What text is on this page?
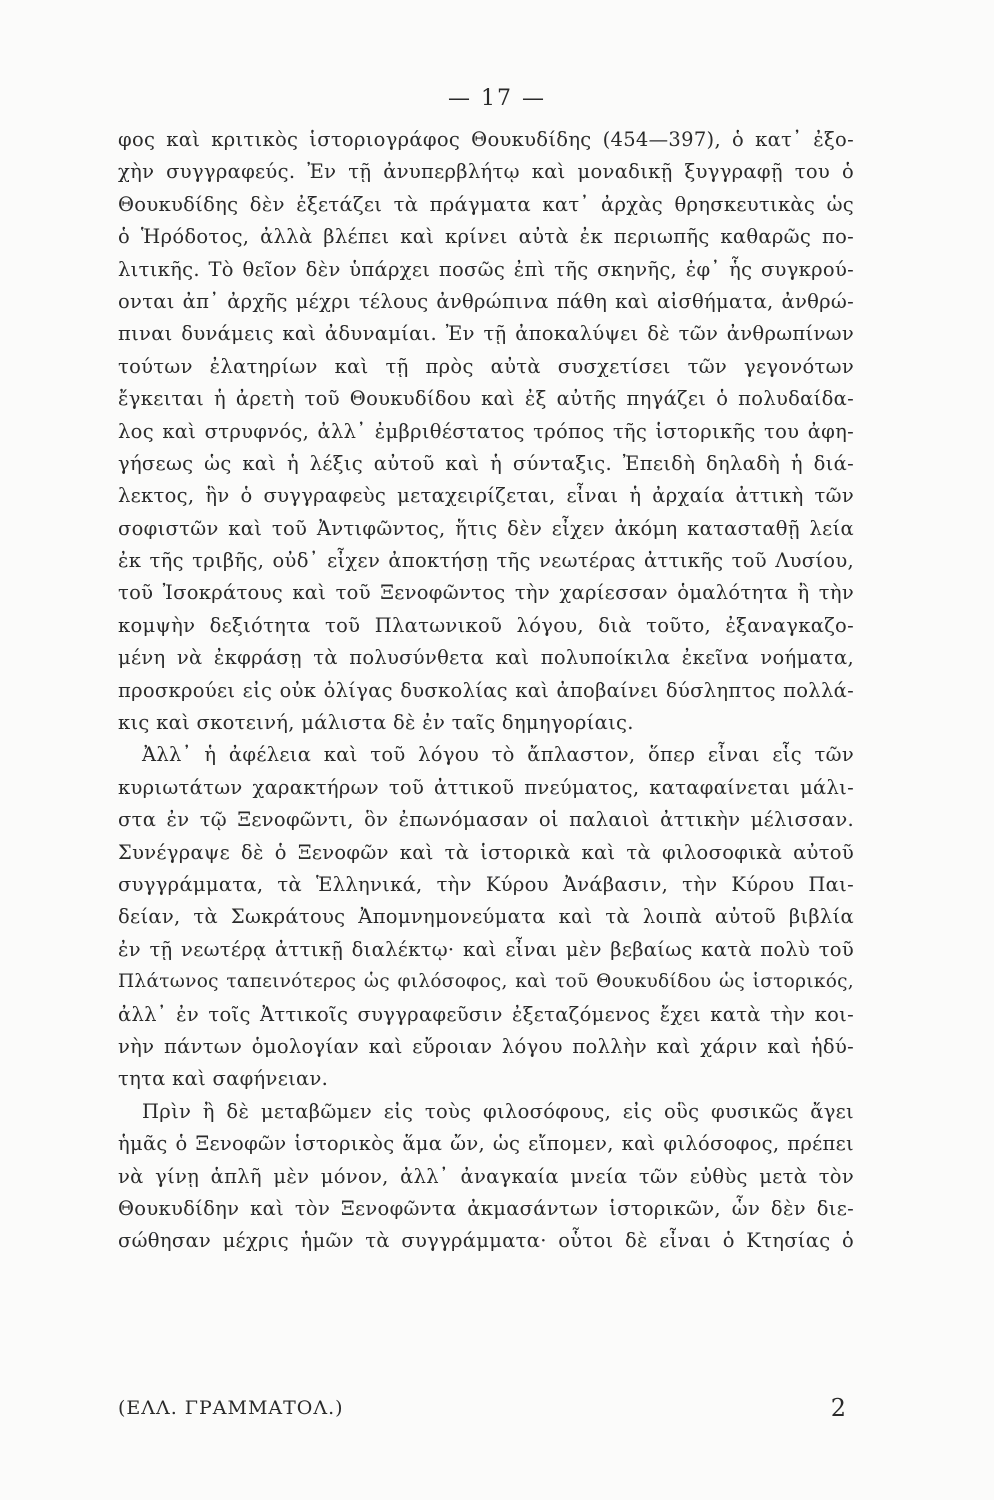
— 17 —
φος καὶ κριτικὸς ἱστοριογράφος Θουκυδίδης (454—397), ὁ κατ᾽ ἐξο-
χὴν συγγραφεύς. Ἐν τῇ ἀνυπερβλήτῳ καὶ μοναδικῇ ξυγγραφῇ του ὁ
Θουκυδίδης δὲν ἐξετάζει τὰ πράγματα κατ᾽ ἀρχὰς θρησκευτικὰς ὡς
ὁ Ἡρόδοτος, ἀλλὰ βλέπει καὶ κρίνει αὐτὰ ἐκ περιωπῆς καθαρῶς πο-
λιτικῆς. Τὸ θεῖον δὲν ὑπάρχει ποσῶς ἐπὶ τῆς σκηνῆς, ἐφ᾽ ἧς συγκρού-
ονται ἀπ᾽ ἀρχῆς μέχρι τέλους ἀνθρώπινα πάθη καὶ αἰσθήματα, ἀνθρώ-
πιναι δυνάμεις καὶ ἀδυναμίαι. Ἐν τῇ ἀποκαλύψει δὲ τῶν ἀνθρωπίνων
τούτων ἐλατηρίων καὶ τῇ πρὸς αὐτὰ συσχετίσει τῶν γεγονότων
ἔγκειται ἡ ἀρετὴ τοῦ Θουκυδίδου καὶ ἐξ αὐτῆς πηγάζει ὁ πολυδαίδα-
λος καὶ στρυφνός, ἀλλ᾽ ἐμβριθέστατος τρόπος τῆς ἱστορικῆς του ἀφη-
γήσεως ὡς καὶ ἡ λέξις αὐτοῦ καὶ ἡ σύνταξις. Ἐπειδὴ δηλαδὴ ἡ διά-
λεκτος, ἣν ὁ συγγραφεὺς μεταχειρίζεται, εἶναι ἡ ἀρχαία ἀττικὴ τῶν
σοφιστῶν καὶ τοῦ Ἀντιφῶντος, ἥτις δὲν εἶχεν ἀκόμη κατασταθῇ λεία
ἐκ τῆς τριβῆς, οὐδ᾽ εἶχεν ἀποκτήσῃ τῆς νεωτέρας ἀττικῆς τοῦ Λυσίου,
τοῦ Ἰσοκράτους καὶ τοῦ Ξενοφῶντος τὴν χαρίεσσαν ὁμαλότητα ἢ τὴν
κομψὴν δεξιότητα τοῦ Πλατωνικοῦ λόγου, διὰ τοῦτο, ἐξαναγκαζο-
μένη νὰ ἐκφράσῃ τὰ πολυσύνθετα καὶ πολυποίκιλα ἐκεῖνα νοήματα,
προσκρούει εἰς οὐκ ὀλίγας δυσκολίας καὶ ἀποβαίνει δύσληπτος πολλά-
κις καὶ σκοτεινή, μάλιστα δὲ ἐν ταῖς δημηγορίαις.
Ἀλλ᾽ ἡ ἀφέλεια καὶ τοῦ λόγου τὸ ἄπλαστον, ὅπερ εἶναι εἷς τῶν
κυριωτάτων χαρακτήρων τοῦ ἀττικοῦ πνεύματος, καταφαίνεται μάλι-
στα ἐν τῷ Ξενοφῶντι, ὃν ἐπωνόμασαν οἱ παλαιοὶ ἀττικὴν μέλισσαν.
Συνέγραψε δὲ ὁ Ξενοφῶν καὶ τὰ ἱστορικὰ καὶ τὰ φιλοσοφικὰ αὐτοῦ
συγγράμματα, τὰ Ἑλληνικά, τὴν Κύρου Ἀνάβασιν, τὴν Κύρου Παι-
δείαν, τὰ Σωκράτους Ἀπομνημονεύματα καὶ τὰ λοιπὰ αὐτοῦ βιβλία
ἐν τῇ νεωτέρᾳ ἀττικῇ διαλέκτῳ· καὶ εἶναι μὲν βεβαίως κατὰ πολὺ τοῦ
Πλάτωνος ταπεινότερος ὡς φιλόσοφος, καὶ τοῦ Θουκυδίδου ὡς ἱστορικός,
ἀλλ᾽ ἐν τοῖς Ἀττικοῖς συγγραφεῦσιν ἐξεταζόμενος ἔχει κατὰ τὴν κοι-
νὴν πάντων ὁμολογίαν καὶ εὔροιαν λόγου πολλὴν καὶ χάριν καὶ ἡδύ-
τητα καὶ σαφήνειαν.
Πρὶν ἢ δὲ μεταβῶμεν εἰς τοὺς φιλοσόφους, εἰς οὓς φυσικῶς ἄγει
ἡμᾶς ὁ Ξενοφῶν ἱστορικὸς ἅμα ὤν, ὡς εἴπομεν, καὶ φιλόσοφος, πρέπει
νὰ γίνῃ ἁπλῆ μὲν μόνον, ἀλλ᾽ ἀναγκαία μνεία τῶν εὐθὺς μετὰ τὸν
Θουκυδίδην καὶ τὸν Ξενοφῶντα ἀκμασάντων ἱστορικῶν, ὧν δὲν διε-
σώθησαν μέχρις ἡμῶν τὰ συγγράμματα· οὗτοι δὲ εἶναι ὁ Κτησίας ὁ
(ΕΛΛ. ΓΡΑΜΜΑΤΟΛ.)	2
